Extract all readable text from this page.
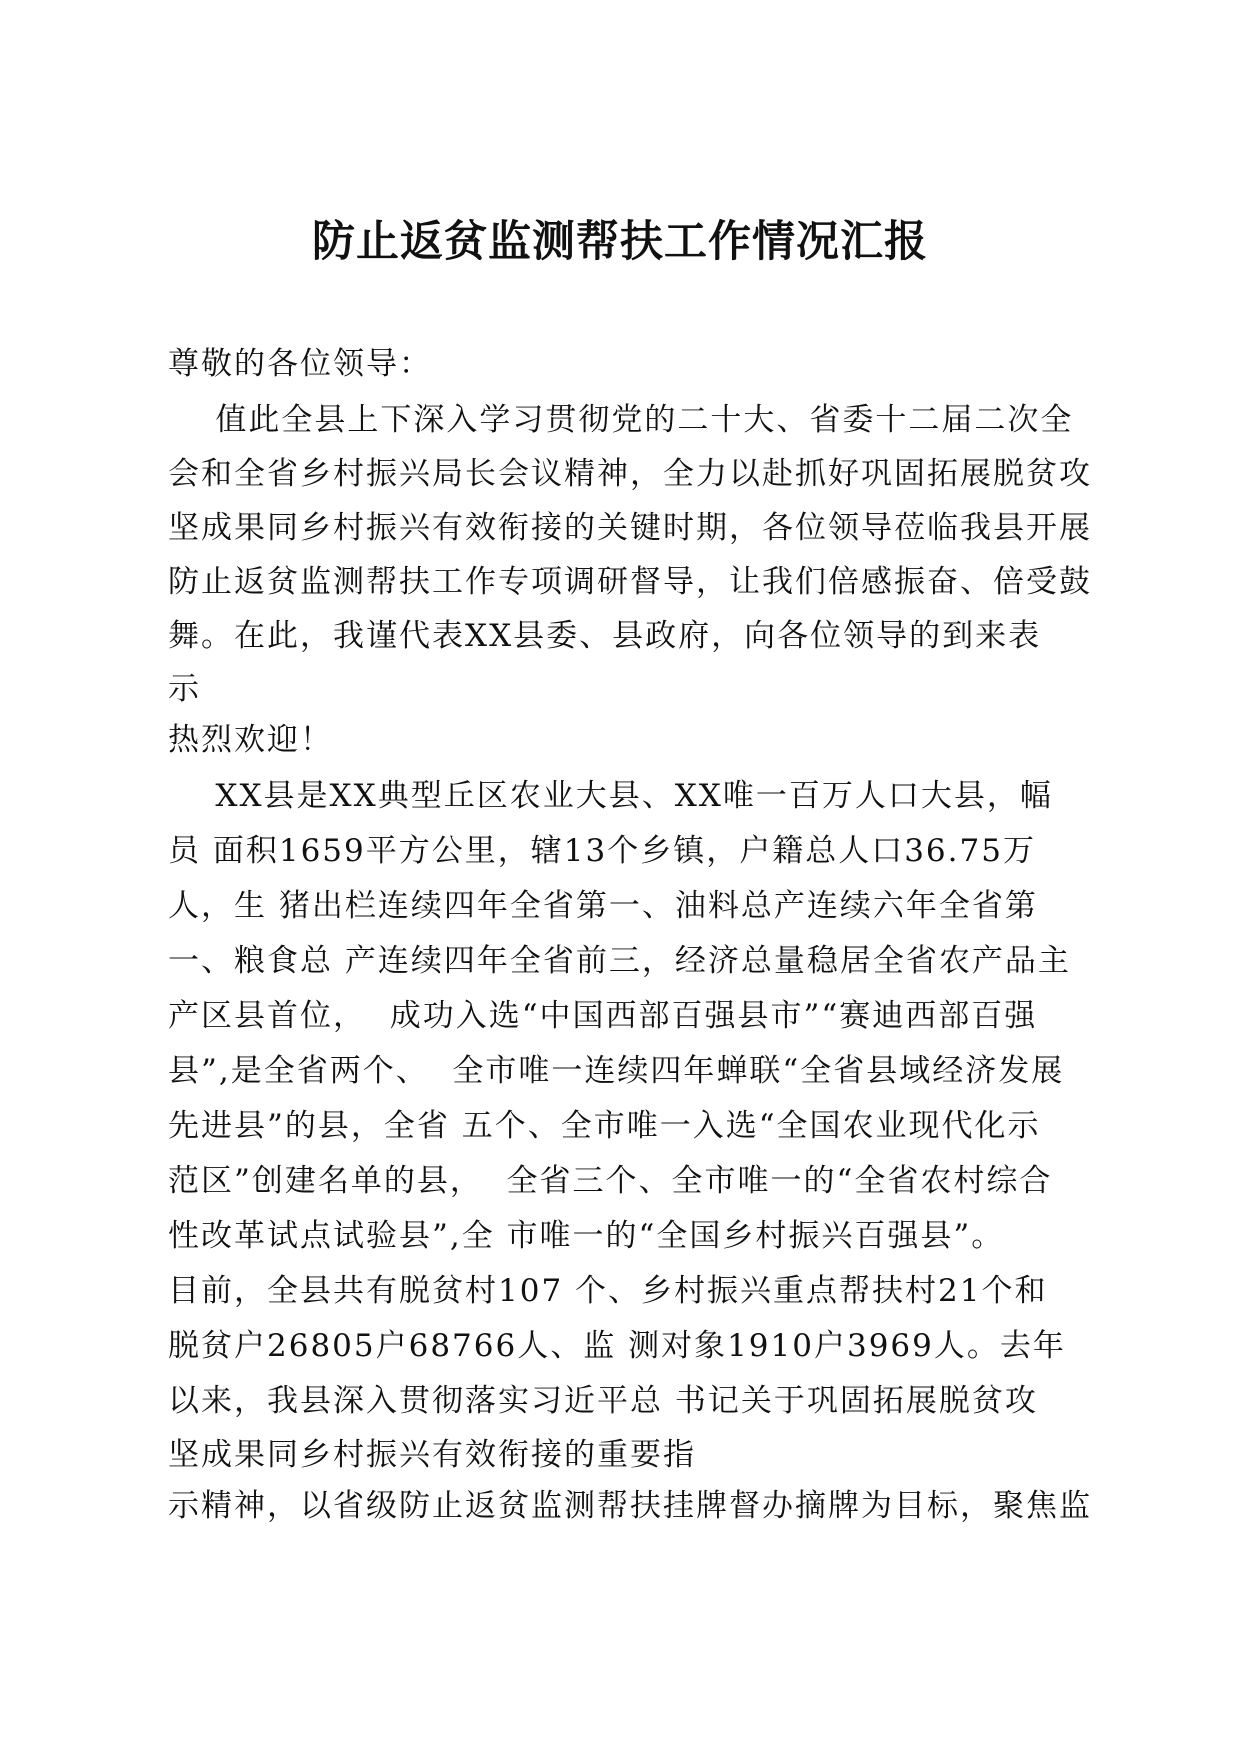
防止返贫监测帮扶工作情况汇报
尊敬的各位领导：
值此全县上下深入学习贯彻党的二十大、省委十二届二次全
会和全省乡村振兴局长会议精神，全力以赴抓好巩固拓展脱贫攻
坚成果同乡村振兴有效衔接的关键时期，各位领导莅临我县开展
防止返贫监测帮扶工作专项调研督导，让我们倍感振奋、倍受鼓
舞。在此，我谨代表XX县委、县政府，向各位领导的到来表
示
热烈欢迎！
XX县是XX典型丘区农业大县、XX唯一百万人口大县，幅
员 面积1659平方公里，辖13个乡镇，户籍总人口36.75万
人，生 猪出栏连续四年全省第一、油料总产连续六年全省第
一、粮食总 产连续四年全省前三，经济总量稳居全省农产品主
产区县首位，  成功入选“中国西部百强县市”“赛迪西部百强
县”,是全省两个、  全市唯一连续四年蝉联“全省县域经济发展
先进县”的县，全省 五个、全市唯一入选“全国农业现代化示
范区”创建名单的县，  全省三个、全市唯一的“全省农村综合
性改革试点试验县”,全 市唯一的“全国乡村振兴百强县”。
目前，全县共有脱贫村107 个、乡村振兴重点帮扶村21个和
脱贫户26805户68766人、监 测对象1910户3969人。去年
以来，我县深入贯彻落实习近平总 书记关于巩固拓展脱贫攻
坚成果同乡村振兴有效衔接的重要指
示精神，以省级防止返贫监测帮扶挂牌督办摘牌为目标，聚焦监
